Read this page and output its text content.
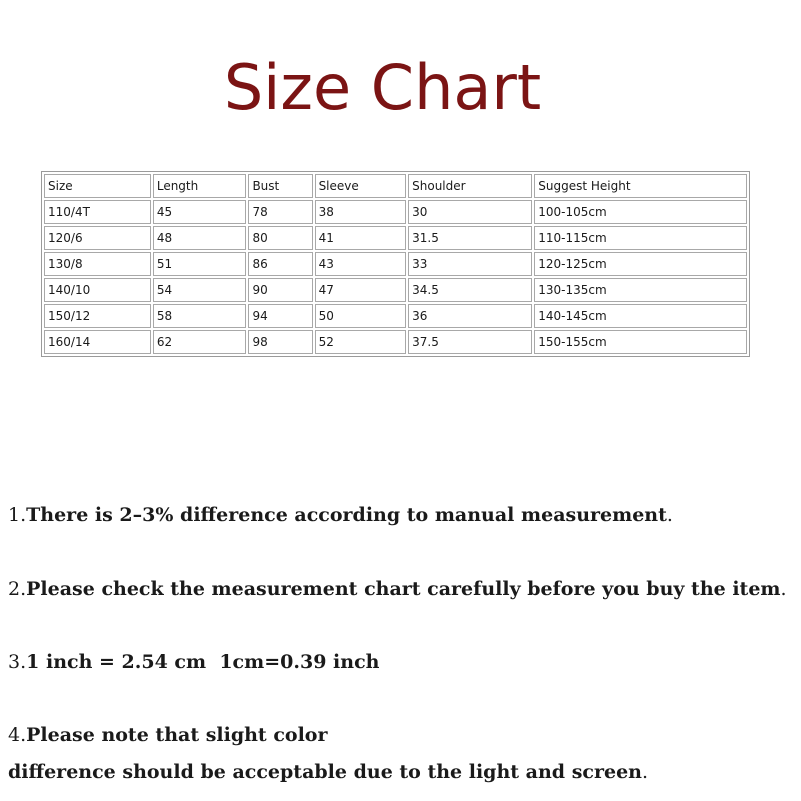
Size Chart
Size	Length	Bust	Sleeve	Shoulder	Suggest Height
110/4T	45	78	38	30	100-105cm
120/6	48	80	41	31.5	110-115cm
130/8	51	86	43	33	120-125cm
140/10	54	90	47	34.5	130-135cm
150/12	58	94	50	36	140-145cm
160/14	62	98	52	37.5	150-155cm
1.There is 2–3% difference according to manual measurement.
2.Please check the measurement chart carefully before you buy the item.
3.1 inch = 2.54 cm  1cm=0.39 inch
4.Please note that slight color
difference should be acceptable due to the light and screen.
